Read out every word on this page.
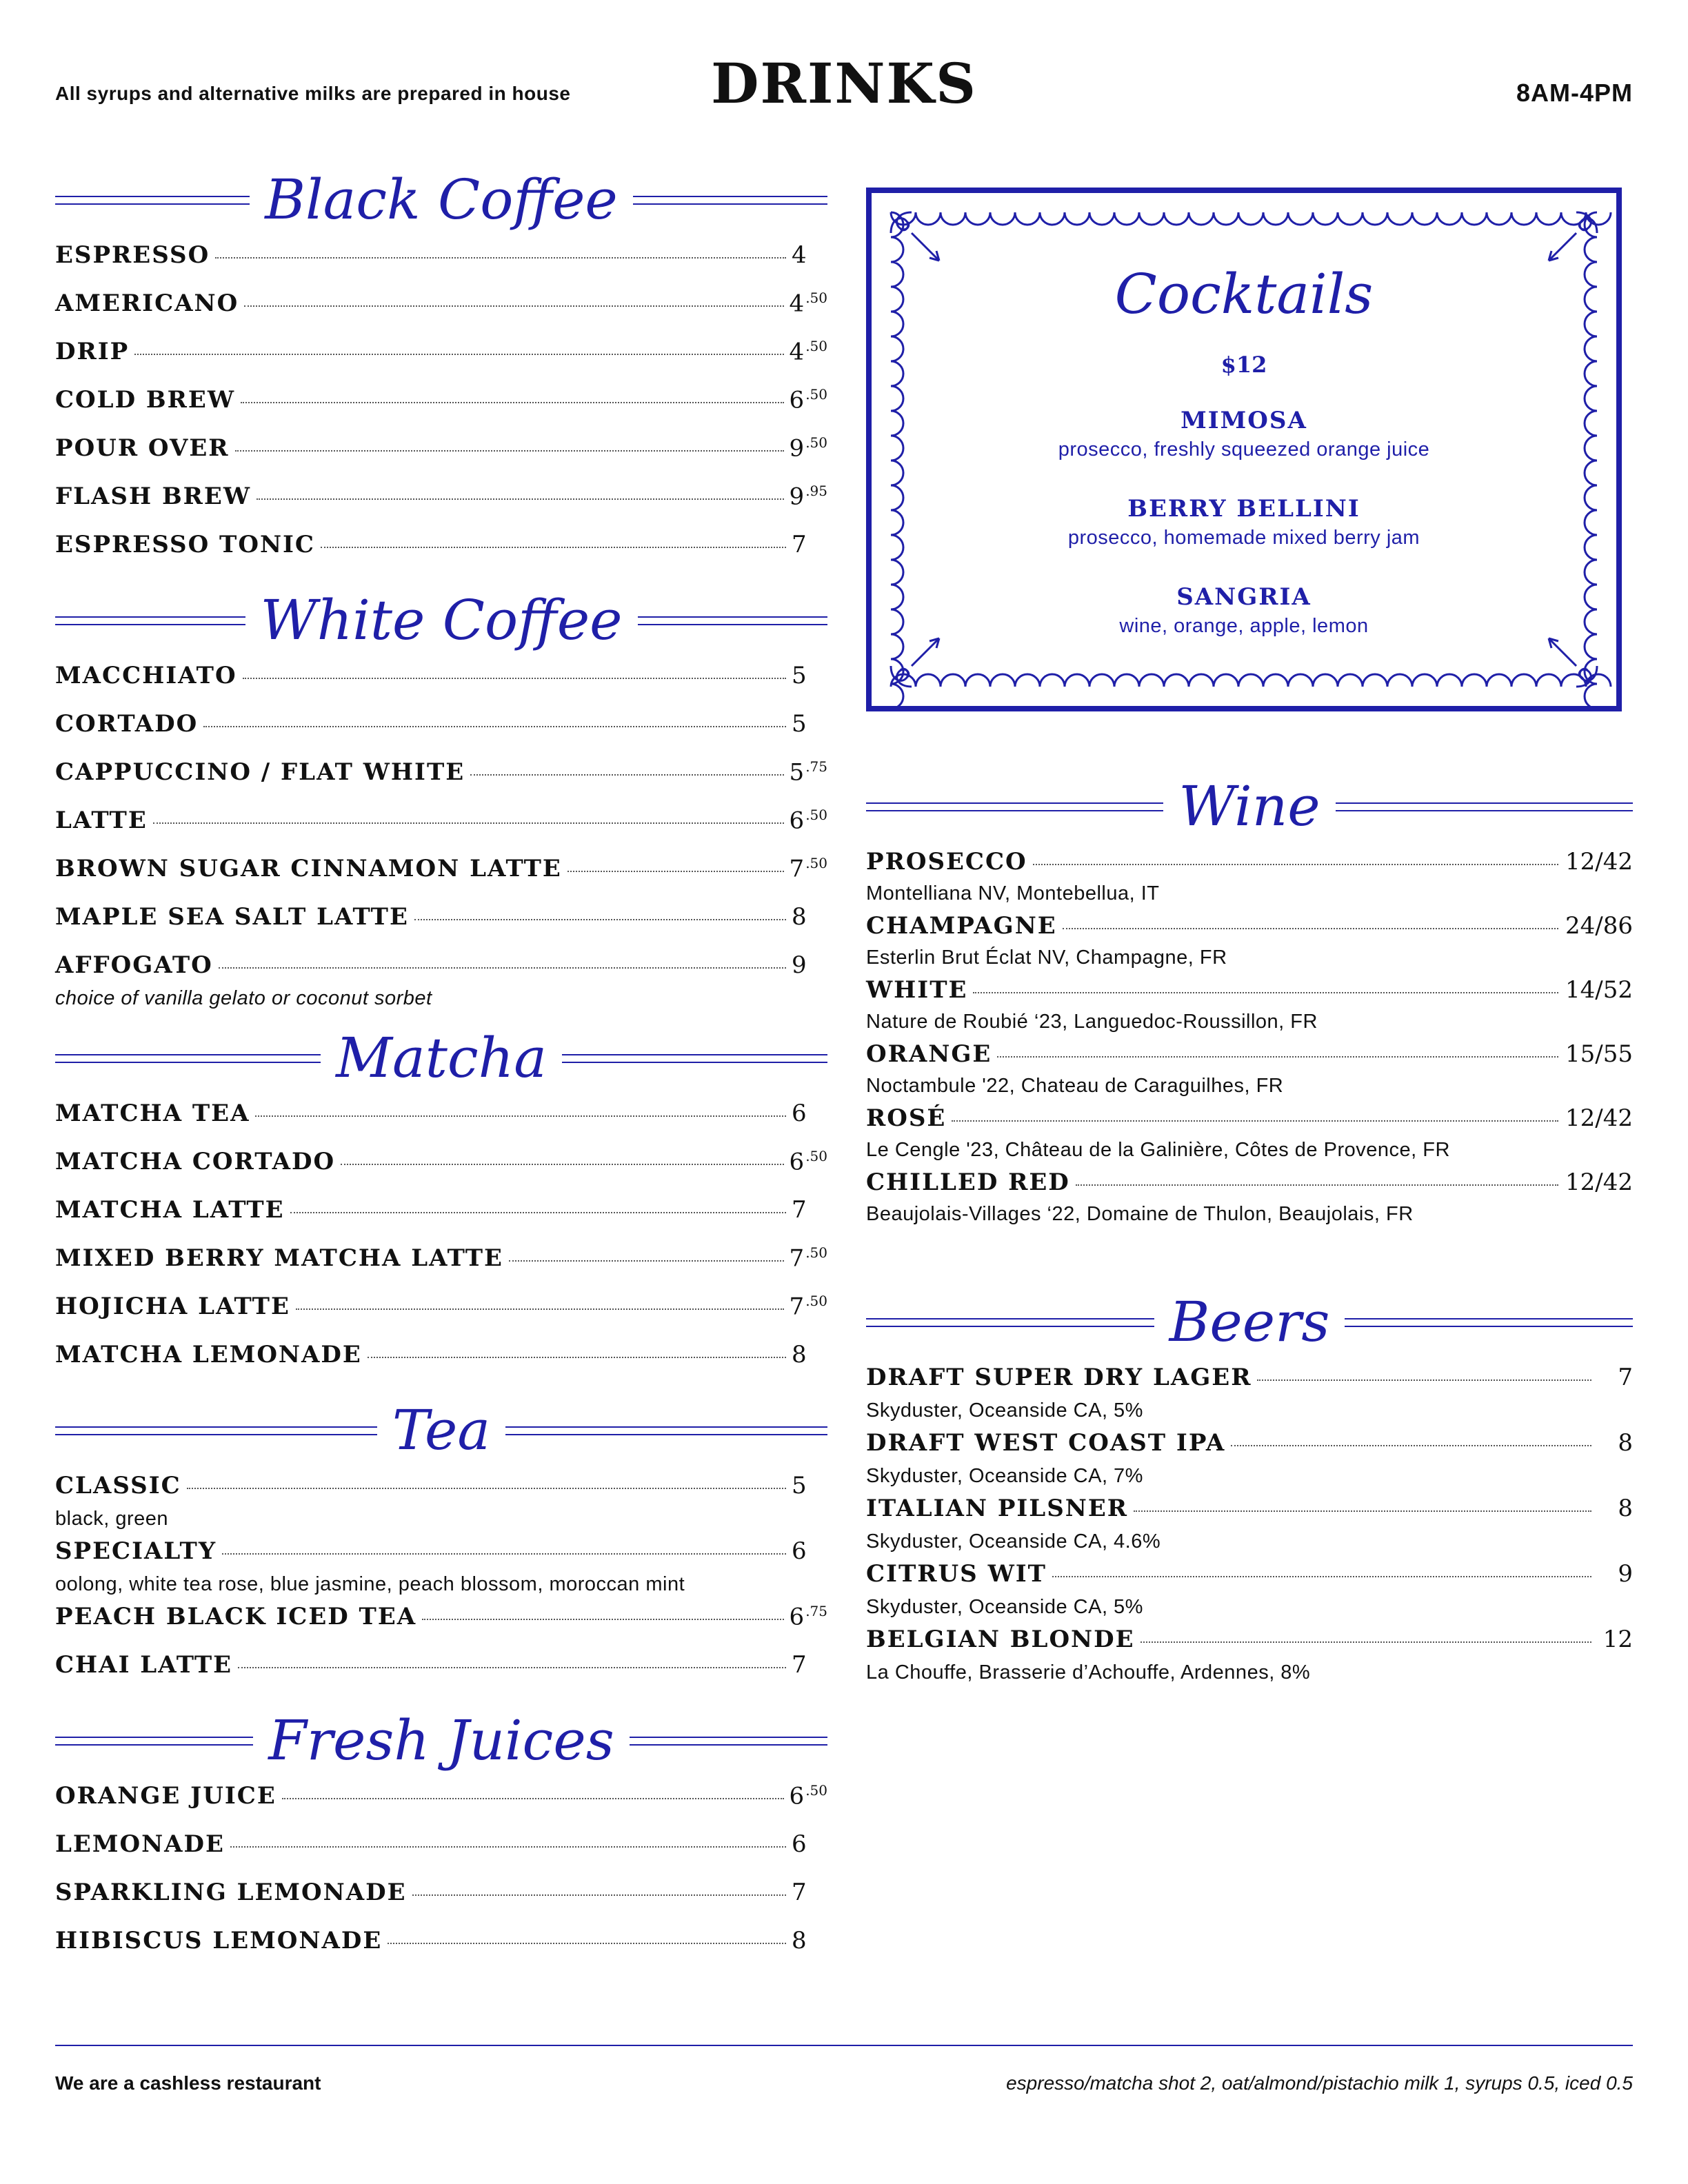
All syrups and alternative milks are prepared in house	DRINKS	8AM-4PM
Black Coffee
ESPRESSO	4
AMERICANO	4 $^{.50}$
DRIP	4 $^{.50}$
COLD BREW	6 $^{.50}$
POUR OVER	9 $^{.50}$
FLASH BREW	9 $^{.95}$
ESPRESSO TONIC	7
White Coffee
MACCHIATO	5
CORTADO	5
CAPPUCCINO / FLAT WHITE	5 $^{.75}$
LATTE	6 $^{.50}$
BROWN SUGAR CINNAMON LATTE	7 $^{.50}$
MAPLE SEA SALT LATTE	8
AFFOGATO	9
choice of vanilla gelato or coconut sorbet
Matcha
MATCHA TEA	6
MATCHA CORTADO	6 $^{.50}$
MATCHA LATTE	7
MIXED BERRY MATCHA LATTE	7 $^{.50}$
HOJICHA LATTE	7 $^{.50}$
MATCHA LEMONADE	8
Tea
CLASSIC	5
black, green
SPECIALTY	6
oolong, white tea rose, blue jasmine, peach blossom, moroccan mint
PEACH BLACK ICED TEA	6 $^{.75}$
CHAI LATTE	7
Fresh Juices
ORANGE JUICE	6 $^{.50}$
LEMONADE	6
SPARKLING LEMONADE	7
HIBISCUS LEMONADE	8
Cocktails
$12
MIMOSA
prosecco, freshly squeezed orange juice
BERRY BELLINI
prosecco, homemade mixed berry jam
SANGRIA
wine, orange, apple, lemon
Wine
PROSECCO	12/42
Montelliana NV, Montebellua, IT
CHAMPAGNE	24/86
Esterlin Brut Éclat NV, Champagne, FR
WHITE	14/52
Nature de Roubié ‘23, Languedoc-Roussillon, FR
ORANGE	15/55
Noctambule '22, Chateau de Caraguilhes, FR
ROSÉ	12/42
Le Cengle '23, Château de la Galinière, Côtes de Provence, FR
CHILLED RED	12/42
Beaujolais-Villages ‘22, Domaine de Thulon, Beaujolais, FR
Beers
DRAFT SUPER DRY LAGER	7
Skyduster, Oceanside CA, 5%
DRAFT WEST COAST IPA	8
Skyduster, Oceanside CA, 7%
ITALIAN PILSNER	8
Skyduster, Oceanside CA, 4.6%
CITRUS WIT	9
Skyduster, Oceanside CA, 5%
BELGIAN BLONDE	12
La Chouffe, Brasserie d’Achouffe, Ardennes, 8%
We are a cashless restaurant	espresso/matcha shot 2, oat/almond/pistachio milk 1, syrups 0.5, iced 0.5
